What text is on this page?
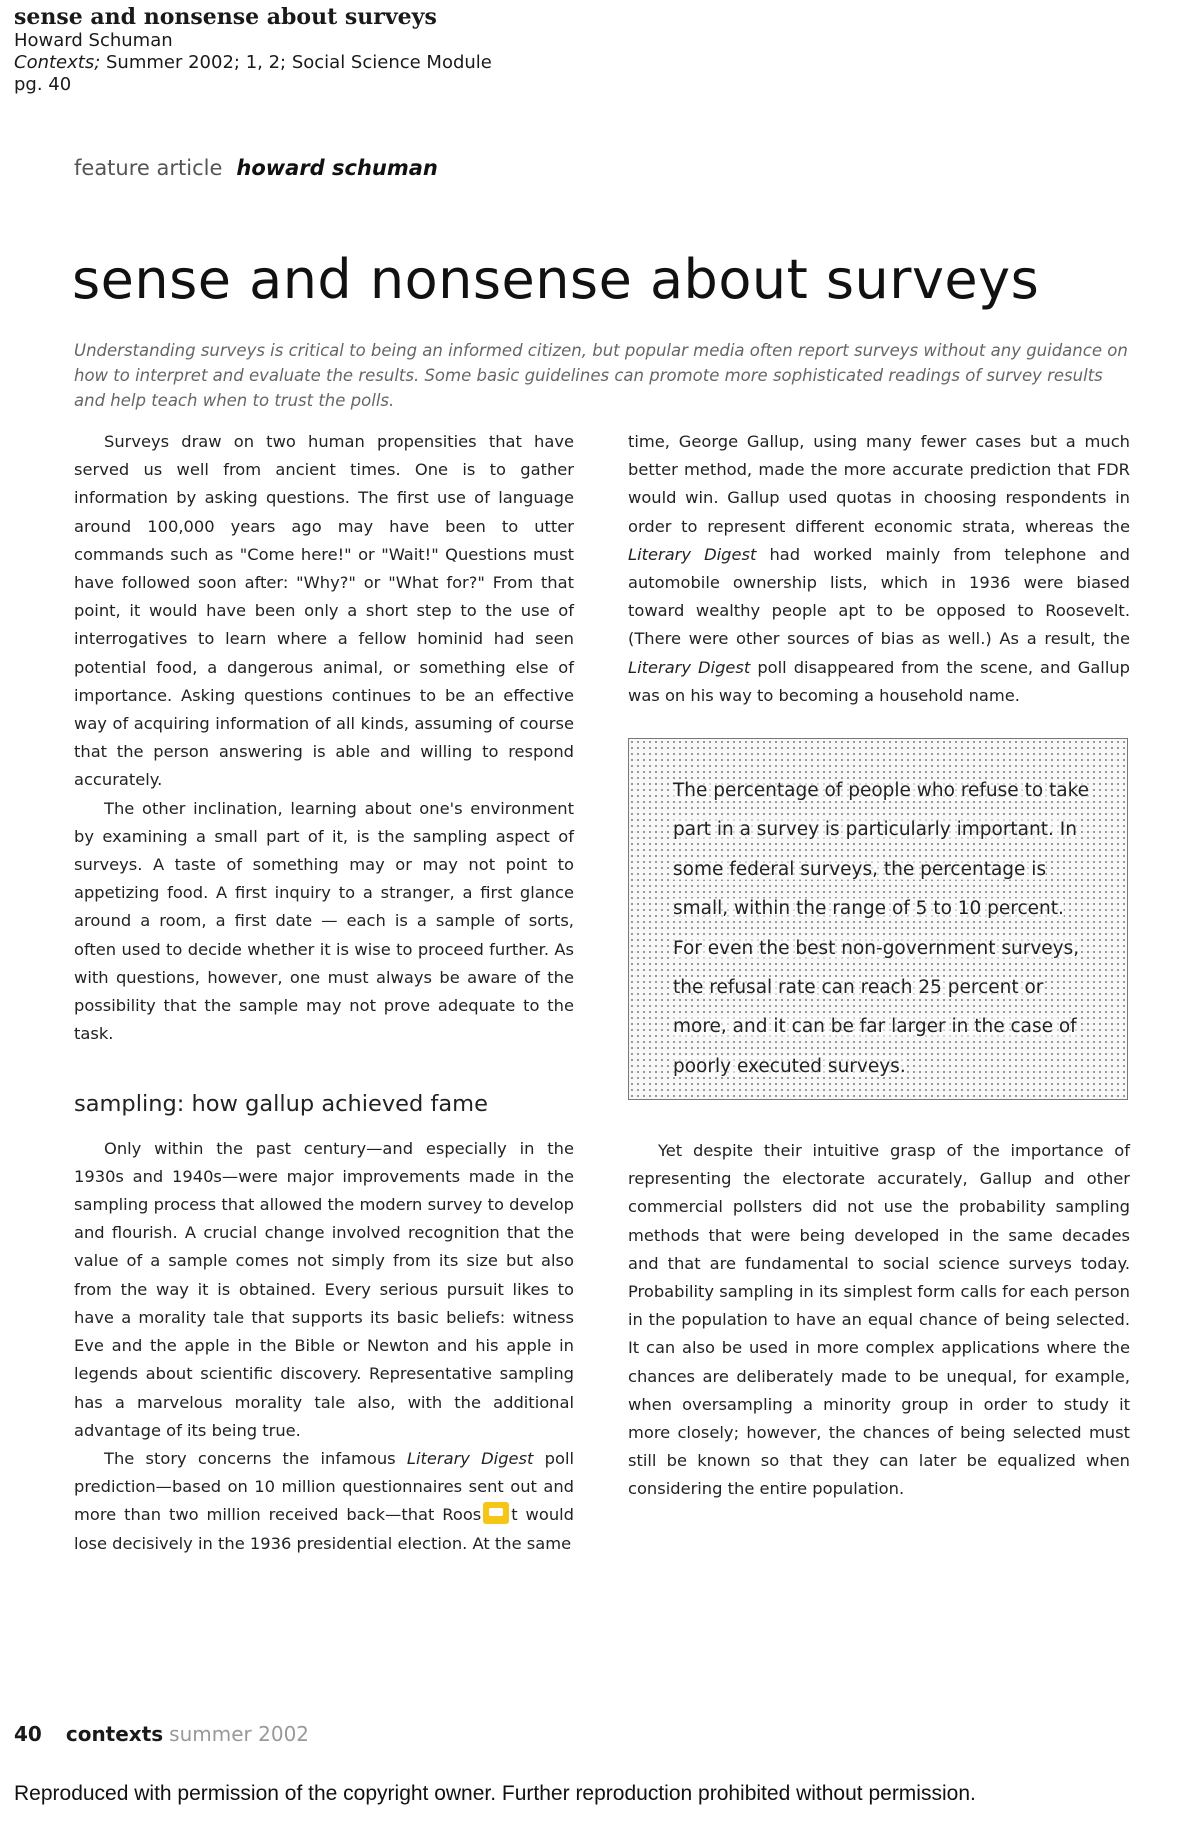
sense and nonsense about surveys
Howard Schuman
Contexts; Summer 2002; 1, 2; Social Science Module
pg. 40
feature article howard schuman
sense and nonsense about surveys
Understanding surveys is critical to being an informed citizen, but popular media often report surveys without any guidance on how to interpret and evaluate the results. Some basic guidelines can promote more sophisticated readings of survey results and help teach when to trust the polls.

Surveys draw on two human propensities that have served us well from ancient times. One is to gather information by asking questions. The first use of language around 100,000 years ago may have been to utter commands such as "Come here!" or "Wait!" Questions must have followed soon after: "Why?" or "What for?" From that point, it would have been only a short step to the use of interrogatives to learn where a fellow hominid had seen potential food, a dangerous animal, or something else of importance. Asking questions continues to be an effective way of acquiring information of all kinds, assuming of course that the person answering is able and willing to respond accurately.

The other inclination, learning about one's environment by examining a small part of it, is the sampling aspect of surveys. A taste of something may or may not point to appetizing food. A first inquiry to a stranger, a first glance around a room, a first date — each is a sample of sorts, often used to decide whether it is wise to proceed further. As with questions, however, one must always be aware of the possibility that the sample may not prove adequate to the task.

sampling: how gallup achieved fame

Only within the past century—and especially in the 1930s and 1940s—were major improvements made in the sampling process that allowed the modern survey to develop and flourish. A crucial change involved recognition that the value of a sample comes not simply from its size but also from the way it is obtained. Every serious pursuit likes to have a morality tale that supports its basic beliefs: witness Eve and the apple in the Bible or Newton and his apple in legends about scientific discovery. Representative sampling has a marvelous morality tale also, with the additional advantage of its being true.

The story concerns the infamous Literary Digest poll prediction—based on 10 million questionnaires sent out and more than two million received back—that Roos t would lose decisively in the 1936 presidential election. At the same

time, George Gallup, using many fewer cases but a much better method, made the more accurate prediction that FDR would win. Gallup used quotas in choosing respondents in order to represent different economic strata, whereas the Literary Digest had worked mainly from telephone and automobile ownership lists, which in 1936 were biased toward wealthy people apt to be opposed to Roosevelt. (There were other sources of bias as well.) As a result, the Literary Digest poll disappeared from the scene, and Gallup was on his way to becoming a household name.

The percentage of people who refuse to take part in a survey is particularly important. In some federal surveys, the percentage is small, within the range of 5 to 10 percent. For even the best non-government surveys, the refusal rate can reach 25 percent or more, and it can be far larger in the case of poorly executed surveys.

Yet despite their intuitive grasp of the importance of representing the electorate accurately, Gallup and other commercial pollsters did not use the probability sampling methods that were being developed in the same decades and that are fundamental to social science surveys today. Probability sampling in its simplest form calls for each person in the population to have an equal chance of being selected. It can also be used in more complex applications where the chances are deliberately made to be unequal, for example, when oversampling a minority group in order to study it more closely; however, the chances of being selected must still be known so that they can later be equalized when considering the entire population.

40 contexts summer 2002
Reproduced with permission of the copyright owner. Further reproduction prohibited without permission.
